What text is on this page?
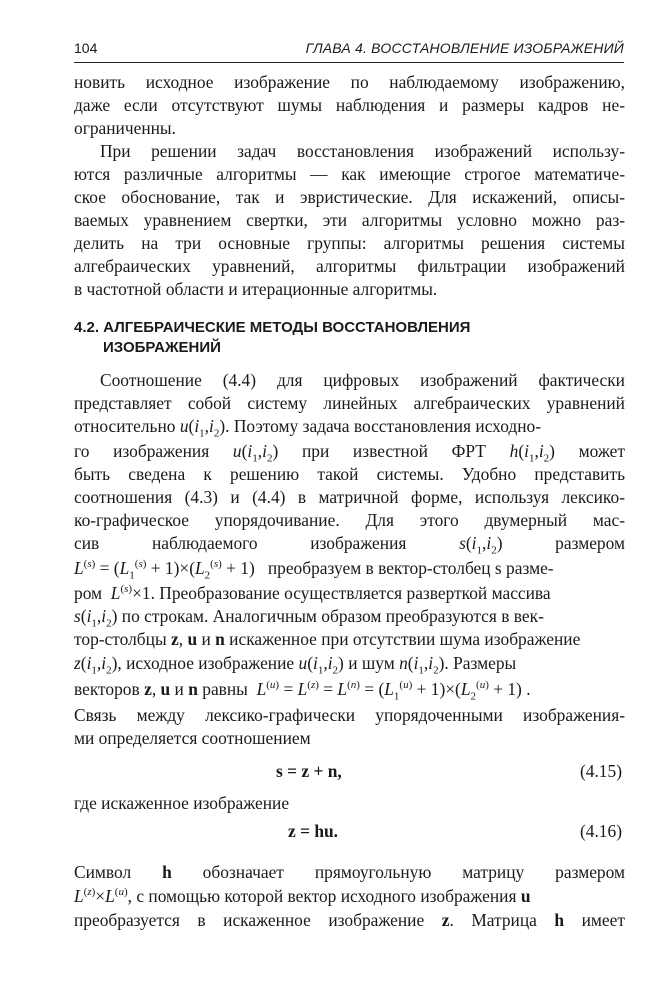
104	ГЛАВА 4. ВОССТАНОВЛЕНИЕ ИЗОБРАЖЕНИЙ
новить исходное изображение по наблюдаемому изображению,
даже если отсутствуют шумы наблюдения и размеры кадров не-
ограниченны.
При решении задач восстановления изображений использу-
ются различные алгоритмы — как имеющие строгое математиче-
ское обоснование, так и эвристические. Для искажений, описы-
ваемых уравнением свертки, эти алгоритмы условно можно раз-
делить на три основные группы: алгоритмы решения системы
алгебраических уравнений, алгоритмы фильтрации изображений
в частотной области и итерационные алгоритмы.
4.2. АЛГЕБРАИЧЕСКИЕ МЕТОДЫ ВОССТАНОВЛЕНИЯ
ИЗОБРАЖЕНИЙ
Соотношение (4.4) для цифровых изображений фактически
представляет собой систему линейных алгебраических уравнений
относительно $u(i_1,i_2)$. Поэтому задача восстановления исходно-
го изображения $u(i_1,i_2)$ при известной ФРТ $h(i_1,i_2)$ может
быть сведена к решению такой системы. Удобно представить
соотношения (4.3) и (4.4) в матричной форме, используя лексико-
ко-графическое упорядочивание. Для этого двумерный мас-
сив	наблюдаемого	изображения	$s(i_1,i_2)$ размером
$L^{(s)} = (L_1^{(s)} + 1)\times(L_2^{(s)} + 1)$   преобразуем в вектор-столбец s разме-
ром $L^{(s)}\times 1$. Преобразование осуществляется разверткой массива
$s(i_1,i_2)$ по строкам. Аналогичным образом преобразуются в век-
тор-столбцы z, u и n искаженное при отсутствии шума изображение
$z(i_1,i_2)$, исходное изображение $u(i_1,i_2)$ и шум $n(i_1,i_2)$. Размеры
векторов z, u и n равны $L^{(u)} = L^{(z)} = L^{(n)} = (L_1^{(u)} + 1)\times(L_2^{(u)} + 1)$ .
Связь между лексико-графически упорядоченными изображения-
ми определяется соотношением
s = z + n,	(4.15)
где искаженное изображение
z = hu.	(4.16)
Символ h обозначает прямоугольную матрицу размером
$L^{(z)}\times L^{(u)}$, с помощью которой вектор исходного изображения u
преобразуется в искаженное изображение z. Матрица h имеет
